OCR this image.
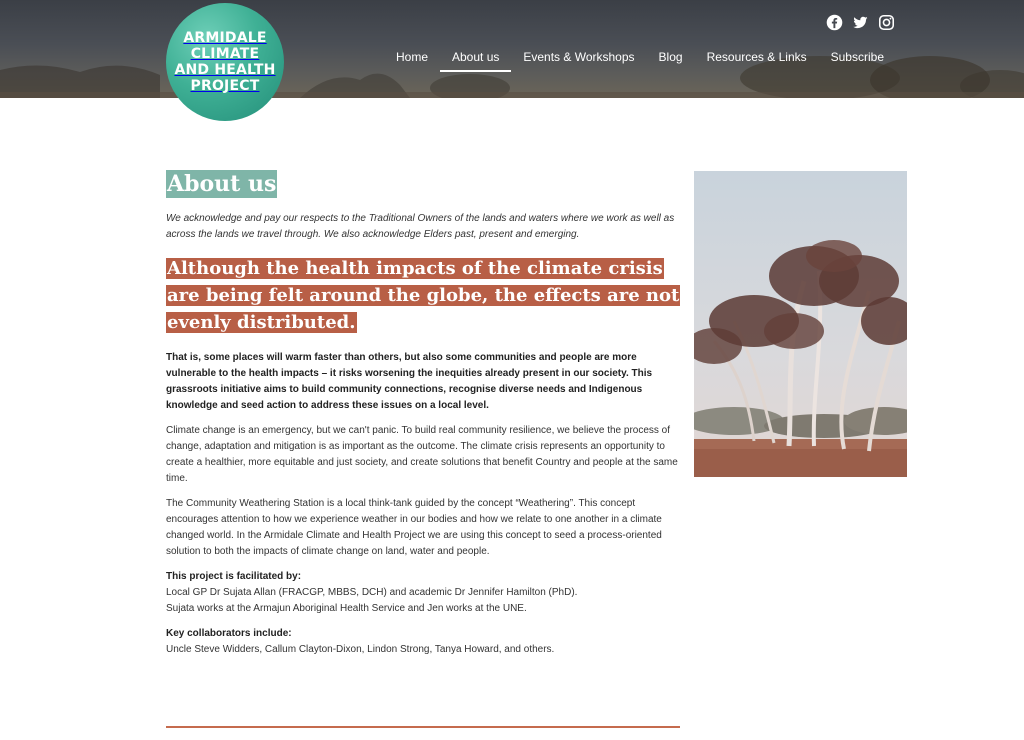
Home	About us	Events & Workshops	Blog	Resources & Links	Subscribe
ARMIDALE
CLIMATE
AND HEALTH
PROJECT
About us

We acknowledge and pay our respects to the Traditional Owners of the lands and waters where we work as well as across the lands we travel through. We also acknowledge Elders past, present and emerging.

Although the health impacts of the climate crisis are being felt around the globe, the effects are not evenly distributed.

That is, some places will warm faster than others, but also some communities and people are more vulnerable to the health impacts – it risks worsening the inequities already present in our society. This grassroots initiative aims to build community connections, recognise diverse needs and Indigenous knowledge and seed action to address these issues on a local level.

Climate change is an emergency, but we can't panic. To build real community resilience, we believe the process of change, adaptation and mitigation is as important as the outcome. The climate crisis represents an opportunity to create a healthier, more equitable and just society, and create solutions that benefit Country and people at the same time.

The Community Weathering Station is a local think-tank guided by the concept “Weathering”. This concept encourages attention to how we experience weather in our bodies and how we relate to one another in a climate changed world. In the Armidale Climate and Health Project we are using this concept to seed a process-oriented solution to both the impacts of climate change on land, water and people.

This project is facilitated by:
Local GP Dr Sujata Allan (FRACGP, MBBS, DCH) and academic Dr Jennifer Hamilton (PhD).
Sujata works at the Armajun Aboriginal Health Service and Jen works at the UNE.
Key collaborators include:
Uncle Steve Widders, Callum Clayton-Dixon, Lindon Strong, Tanya Howard, and others.
